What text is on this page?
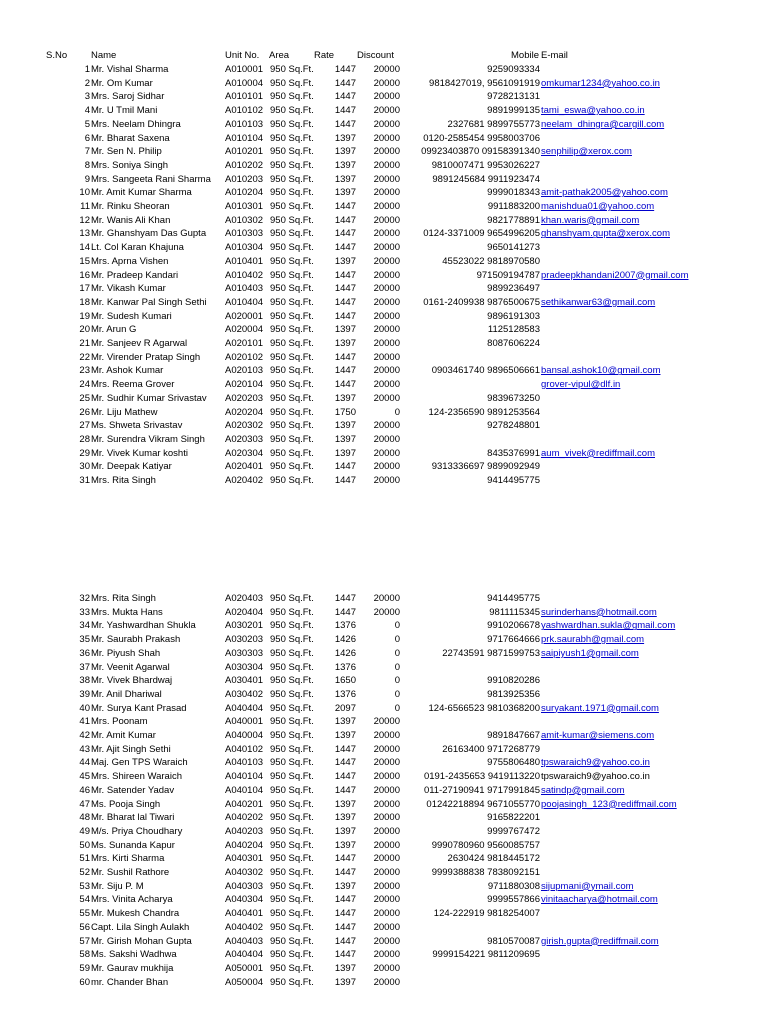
S.No	Name	Unit No. Area	Rate Discount	Mobile E-mail
1 Mr. Vishal Sharma	A010001 950 Sq.Ft.	1447	20000	9259093334
2 Mr. Om Kumar	A010004 950 Sq.Ft.	1447	20000	9818427019, 9561091919 omkumar1234@yahoo.co.in
3 Mrs. Saroj Sidhar	A010101 950 Sq.Ft.	1447	20000	9728213131
4 Mr. U Tmil Mani	A010102 950 Sq.Ft.	1447	20000	9891999135 tami_eswa@yahoo.co.in
5 Mrs. Neelam Dhingra	A010103 950 Sq.Ft.	1447	20000	2327681 9899755773 neelam_dhingra@cargill.com
6 Mr. Bharat Saxena	A010104 950 Sq.Ft.	1397	20000	0120-2585454 9958003706
7 Mr. Sen N. Philip	A010201 950 Sq.Ft.	1397	20000	09923403870 09158391340 senphilip@xerox.com
8 Mrs. Soniya Singh	A010202 950 Sq.Ft.	1397	20000	9810007471 9953026227
9 Mrs. Sangeeta Rani Sharma A010203 950 Sq.Ft.	1397	20000	9891245684 9911923474
10 Mr. Amit Kumar Sharma	A010204 950 Sq.Ft.	1397	20000	9999018343 amit-pathak2005@yahoo.com
11 Mr. Rinku Sheoran	A010301 950 Sq.Ft.	1447	20000	9911883200 manishdua01@yahoo.com
12 Mr. Wanis Ali Khan	A010302 950 Sq.Ft.	1447	20000	9821778891 khan.waris@gmail.com
13 Mr. Ghanshyam Das Gupta A010303 950 Sq.Ft.	1447	20000	0124-3371009 9654996205 ghanshyam.gupta@xerox.com
14 Lt. Col Karan Khajuna	A010304 950 Sq.Ft.	1447	20000	9650141273
15 Mrs. Aprna Vishen	A010401 950 Sq.Ft.	1397	20000	45523022 9818970580
16 Mr. Pradeep Kandari	A010402 950 Sq.Ft.	1447	20000	971509194787 pradeepkhandani2007@gmail.com
17 Mr. Vikash Kumar	A010403 950 Sq.Ft.	1447	20000	9899236497
18 Mr. Kanwar Pal Singh Sethi A010404 950 Sq.Ft.	1447	20000	0161-2409938 9876500675 sethikanwar63@gmail.com
19 Mr. Sudesh Kumari	A020001 950 Sq.Ft.	1447	20000	9896191303
20 Mr. Arun G	A020004 950 Sq.Ft.	1397	20000	1125128583
21 Mr. Sanjeev R Agarwal	A020101 950 Sq.Ft.	1397	20000	8087606224
22 Mr. Virender Pratap Singh	A020102 950 Sq.Ft.	1447	20000
23 Mr. Ashok Kumar	A020103 950 Sq.Ft.	1447	20000	0903461740 9896506661 bansal.ashok10@gmail.com
24 Mrs. Reema Grover	A020104 950 Sq.Ft.	1447	20000	grover-vipul@dlf.in
25 Mr. Sudhir Kumar Srivastav A020203 950 Sq.Ft.	1397	20000	9839673250
26 Mr. Liju Mathew	A020204 950 Sq.Ft.	1750	0	124-2356590 9891253564
27 Ms. Shweta Srivastav	A020302 950 Sq.Ft.	1397	20000	9278248801
28 Mr. Surendra Vikram Singh A020303 950 Sq.Ft.	1397	20000
29 Mr. Vivek Kumar koshti	A020304 950 Sq.Ft.	1397	20000	8435376991 aum_vivek@rediffmail.com
30 Mr. Deepak Katiyar	A020401 950 Sq.Ft.	1447	20000	9313336697 9899092949
31 Mrs. Rita Singh	A020402 950 Sq.Ft.	1447	20000	9414495775
32 Mrs. Rita Singh	A020403 950 Sq.Ft.	1447	20000	9414495775
33 Mrs. Mukta Hans	A020404 950 Sq.Ft.	1447	20000	9811115345 surinderhans@hotmail.com
34 Mr. Yashwardhan Shukla	A030201 950 Sq.Ft.	1376	0	9910206678 yashwardhan.sukla@gmail.com
35 Mr. Saurabh Prakash	A030203 950 Sq.Ft.	1426	0	9717664666 prk.saurabh@gmail.com
36 Mr. Piyush Shah	A030303 950 Sq.Ft.	1426	0	22743591 9871599753 saipiyush1@gmail.com
37 Mr. Veenit Agarwal	A030304 950 Sq.Ft.	1376	0
38 Mr. Vivek Bhardwaj	A030401 950 Sq.Ft.	1650	0	9910820286
39 Mr. Anil Dhariwal	A030402 950 Sq.Ft.	1376	0	9813925356
40 Mr. Surya Kant Prasad	A040404 950 Sq.Ft.	2097	0	124-6566523 9810368200 suryakant.1971@gmail.com
41 Mrs. Poonam	A040001 950 Sq.Ft.	1397	20000
42 Mr. Amit Kumar	A040004 950 Sq.Ft.	1397	20000	9891847667 amit-kumar@siemens.com
43 Mr. Ajit Singh Sethi	A040102 950 Sq.Ft.	1447	20000	26163400 9717268779
44 Maj. Gen TPS Waraich	A040103 950 Sq.Ft.	1447	20000	9755806480 tpswaraich9@yahoo.co.in
45 Mrs. Shireen Waraich	A040104 950 Sq.Ft.	1447	20000	0191-2435653 9419113220 tpswaraich9@yahoo.co.in
46 Mr. Satender Yadav	A040104 950 Sq.Ft.	1447	20000	011-27190941 9717991845 satindp@gmail.com
47 Ms. Pooja Singh	A040201 950 Sq.Ft.	1397	20000	01242218894 9671055770 poojasingh_123@rediffmail.com
48 Mr. Bharat lal Tiwari	A040202 950 Sq.Ft.	1397	20000	9165822201
49 M/s. Priya Choudhary	A040203 950 Sq.Ft.	1397	20000	9999767472
50 Ms. Sunanda Kapur	A040204 950 Sq.Ft.	1397	20000	9990780960 9560085757
51 Mrs. Kirti Sharma	A040301 950 Sq.Ft.	1447	20000	2630424 9818445172
52 Mr. Sushil Rathore	A040302 950 Sq.Ft.	1447	20000	9999388838 7838092151
53 Mr. Siju P. M	A040303 950 Sq.Ft.	1397	20000	9711880308 sijupmani@ymail.com
54 Mrs. Vinita Acharya	A040304 950 Sq.Ft.	1447	20000	9999557866 vinitaacharya@hotmail.com
55 Mr. Mukesh Chandra	A040401 950 Sq.Ft.	1447	20000	124-222919 9818254007
56 Capt. Lila Singh Aulakh	A040402 950 Sq.Ft.	1447	20000
57 Mr. Girish Mohan Gupta	A040403 950 Sq.Ft.	1447	20000	9810570087 girish.gupta@rediffmail.com
58 Ms. Sakshi Wadhwa	A040404 950 Sq.Ft.	1447	20000	9999154221 9811209695
59 Mr. Gaurav mukhija	A050001 950 Sq.Ft.	1397	20000
60 mr. Chander Bhan	A050004 950 Sq.Ft.	1397	20000
